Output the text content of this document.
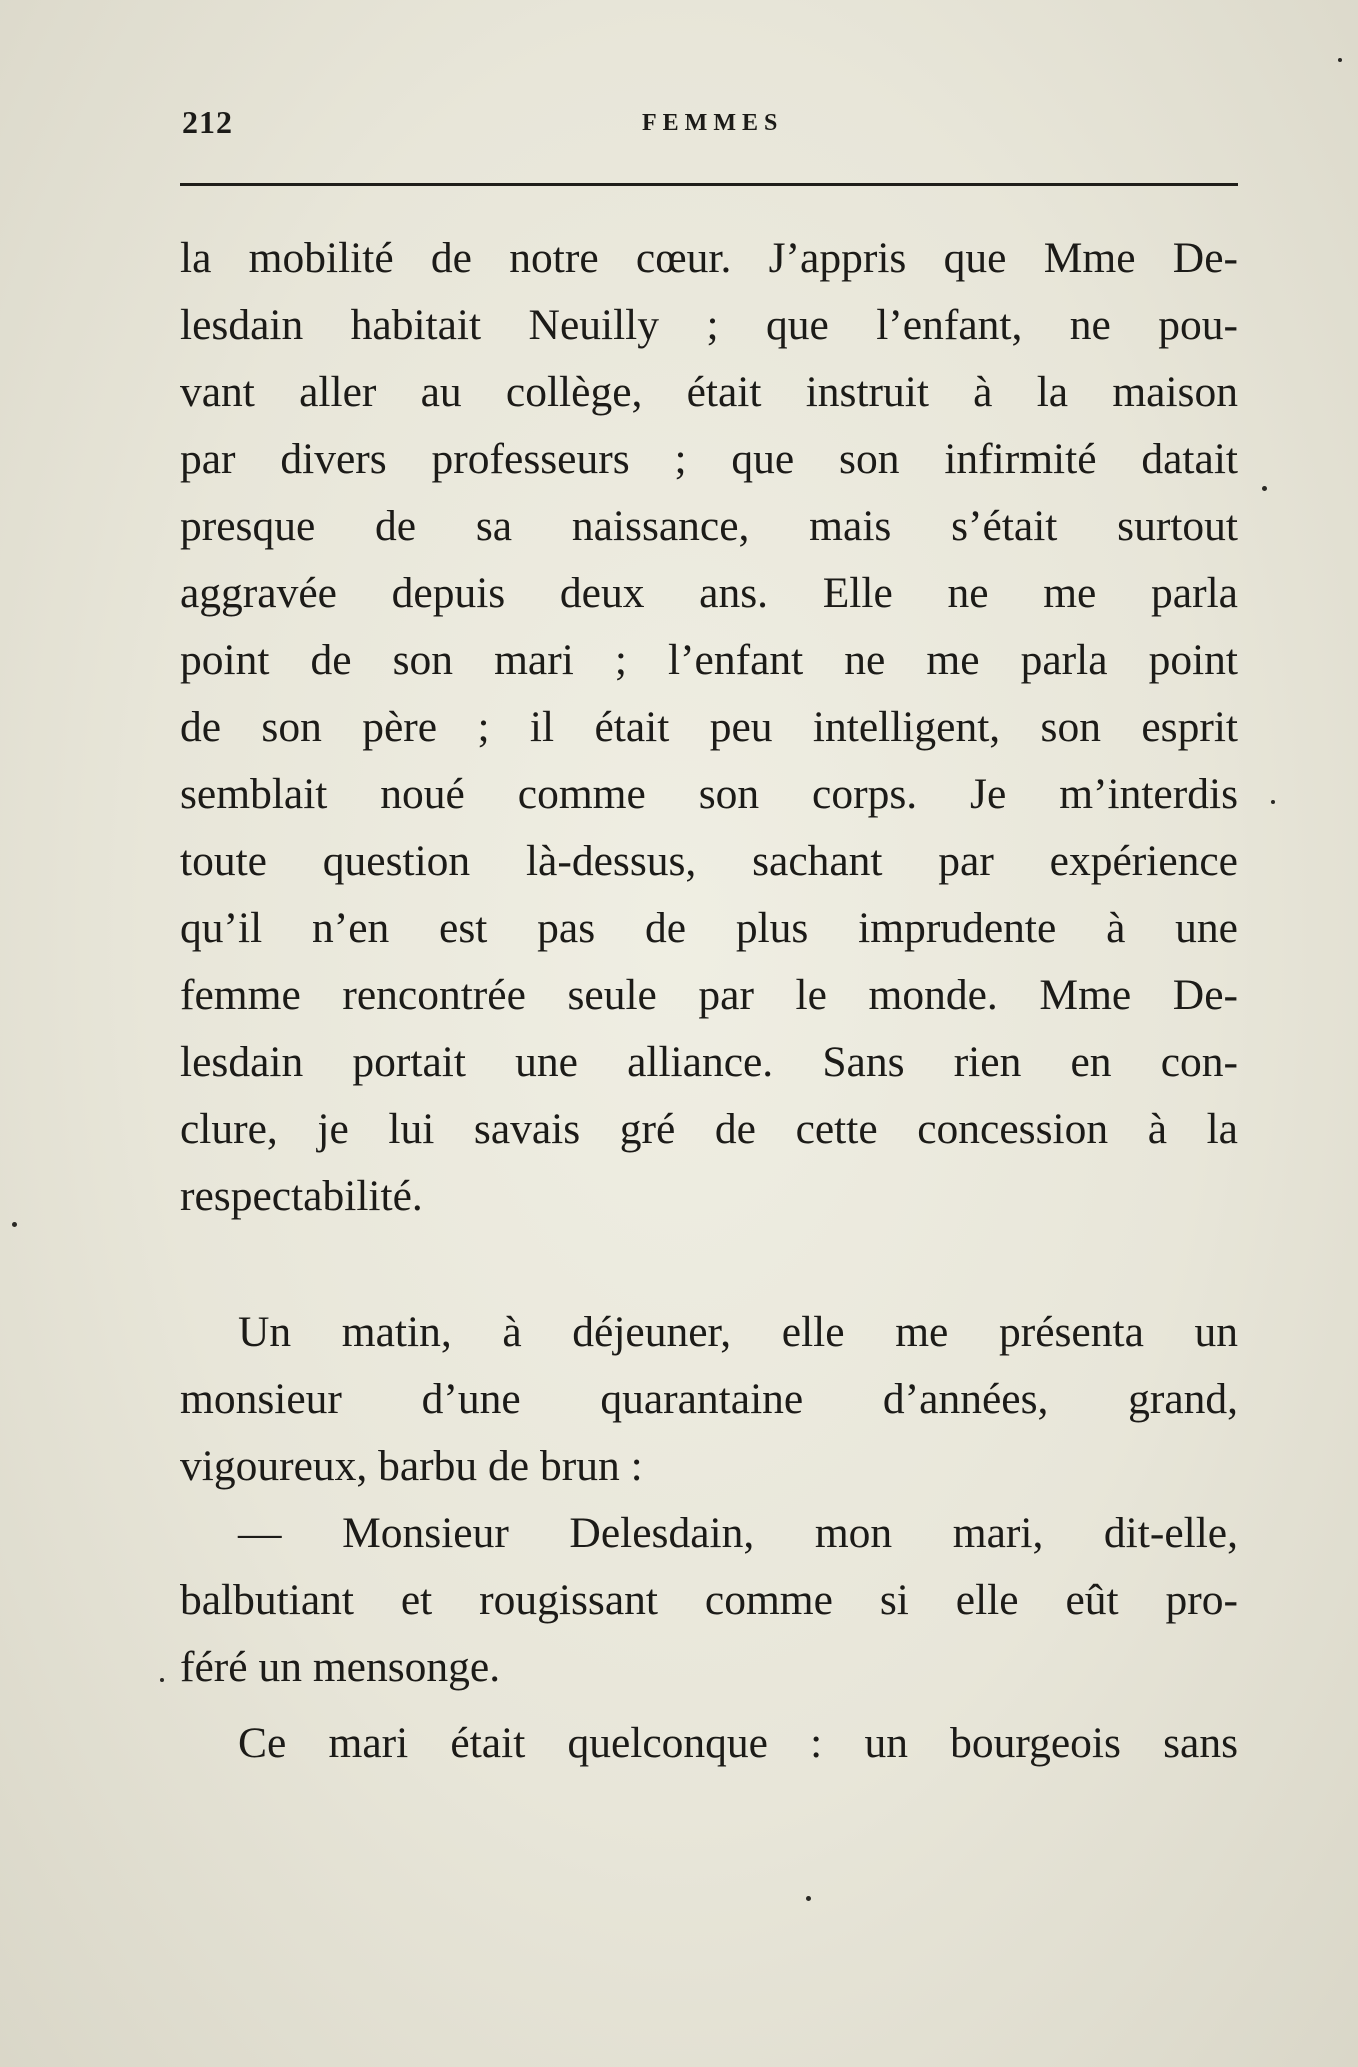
212	FEMMES
la mobilité de notre cœur. J’appris que Mme De-
lesdain habitait Neuilly ; que l’enfant, ne pou-
vant aller au collège, était instruit à la maison
par divers professeurs ; que son infirmité datait
presque de sa naissance, mais s’était surtout
aggravée depuis deux ans. Elle ne me parla
point de son mari ; l’enfant ne me parla point
de son père ; il était peu intelligent, son esprit
semblait noué comme son corps. Je m’interdis
toute question là-dessus, sachant par expérience
qu’il n’en est pas de plus imprudente à une
femme rencontrée seule par le monde. Mme De-
lesdain portait une alliance. Sans rien en con-
clure, je lui savais gré de cette concession à la
respectabilité.
Un matin, à déjeuner, elle me présenta un
monsieur d’une quarantaine d’années, grand,
vigoureux, barbu de brun :
— Monsieur Delesdain, mon mari, dit-elle,
balbutiant et rougissant comme si elle eût pro-
féré un mensonge.
Ce mari était quelconque : un bourgeois sans
